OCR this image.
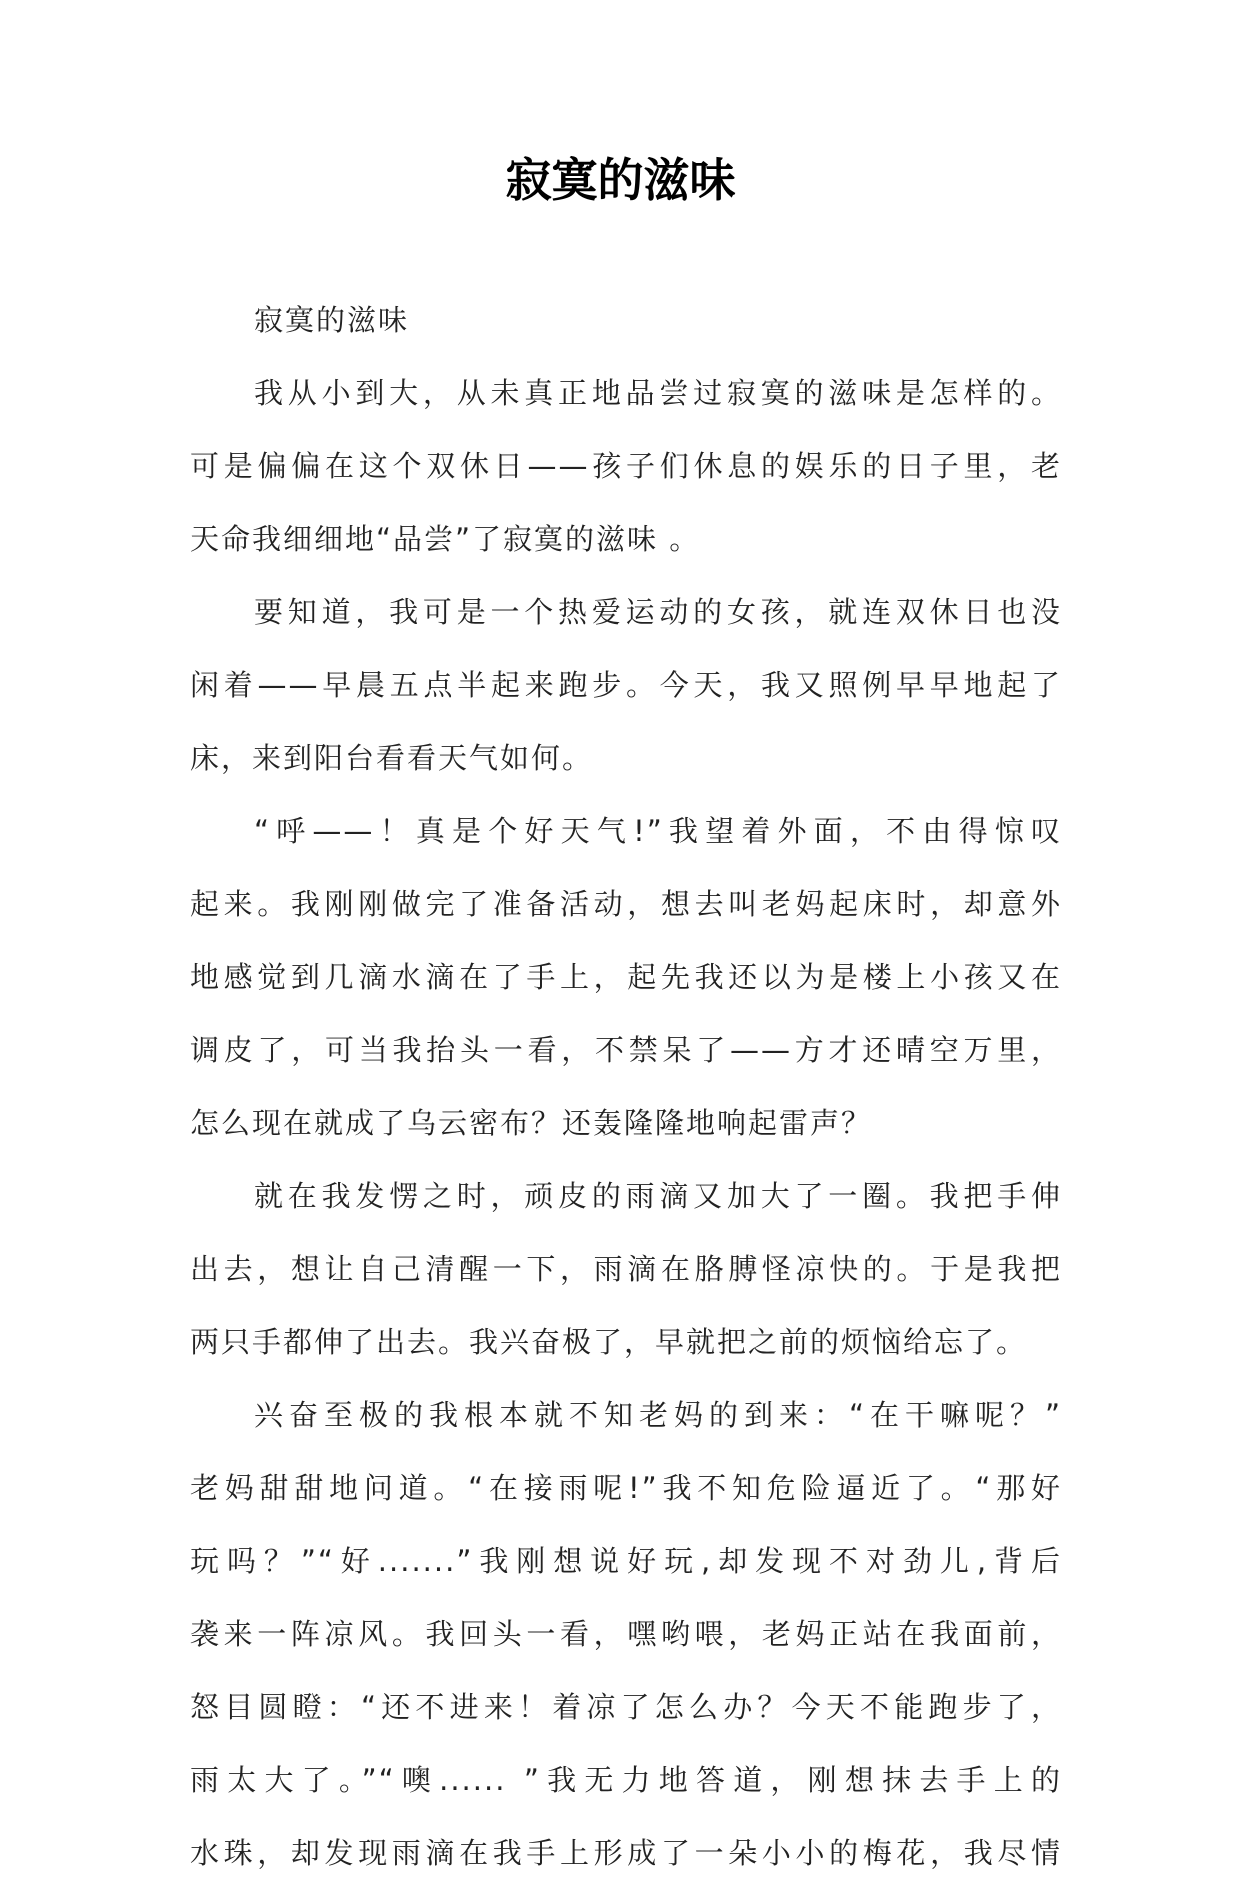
寂寞的滋味
寂寞的滋味
我从小到大，从未真正地品尝过寂寞的滋味是怎样的。
可是偏偏在这个双休日——孩子们休息的娱乐的日子里，老
天命我细细地“品尝”了寂寞的滋味 。
要知道，我可是一个热爱运动的女孩，就连双休日也没
闲着——早晨五点半起来跑步。今天，我又照例早早地起了
床，来到阳台看看天气如何。
“呼——！真是个好天气!”我望着外面，不由得惊叹
起来。我刚刚做完了准备活动，想去叫老妈起床时，却意外
地感觉到几滴水滴在了手上，起先我还以为是楼上小孩又在
调皮了，可当我抬头一看，不禁呆了——方才还晴空万里，
怎么现在就成了乌云密布？还轰隆隆地响起雷声？
就在我发愣之时，顽皮的雨滴又加大了一圈。我把手伸
出去，想让自己清醒一下，雨滴在胳膊怪凉快的。于是我把
两只手都伸了出去。我兴奋极了，早就把之前的烦恼给忘了。
兴奋至极的我根本就不知老妈的到来：“在干嘛呢？”
老妈甜甜地问道。“在接雨呢!”我不知危险逼近了。“那好
玩吗？”“好.......”我刚想说好玩,却发现不对劲儿,背后
袭来一阵凉风。我回头一看，嘿哟喂，老妈正站在我面前，
怒目圆瞪：“还不进来！着凉了怎么办？今天不能跑步了，
雨太大了。”“噢...... ”我无力地答道，刚想抹去手上的
水珠，却发现雨滴在我手上形成了一朵小小的梅花，我尽情
